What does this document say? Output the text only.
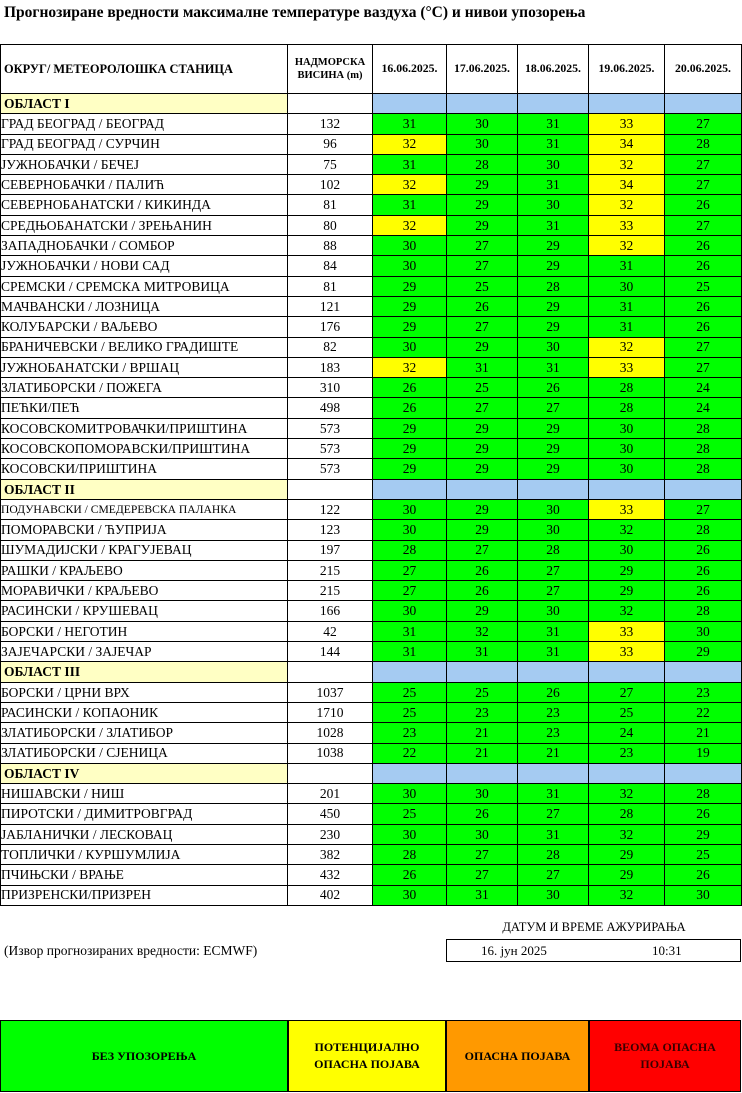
Прогнозиране вредности максималне температуре ваздуха (°C) и нивои упозорења
ОКРУГ/ МЕТЕОРОЛОШКА СТАНИЦА	НАДМОРСКА
ВИСИНА (m)	16.06.2025.	17.06.2025.	18.06.2025.	19.06.2025.	20.06.2025.
ОБЛАСТ I						
ГРАД БЕОГРАД / БЕОГРАД	132	31	30	31	33	27
ГРАД БЕОГРАД / СУРЧИН	96	32	30	31	34	28
ЈУЖНОБАЧКИ / БЕЧЕЈ	75	31	28	30	32	27
СЕВЕРНОБАЧКИ / ПАЛИЋ	102	32	29	31	34	27
СЕВЕРНОБАНАТСКИ / КИКИНДА	81	31	29	30	32	26
СРЕДЊОБАНАТСКИ / ЗРЕЊАНИН	80	32	29	31	33	27
ЗАПАДНОБАЧКИ / СОМБОР	88	30	27	29	32	26
ЈУЖНОБАЧКИ / НОВИ САД	84	30	27	29	31	26
СРЕМСКИ / СРЕМСКА МИТРОВИЦА	81	29	25	28	30	25
МАЧВАНСКИ / ЛОЗНИЦА	121	29	26	29	31	26
КОЛУБАРСКИ / ВАЉЕВО	176	29	27	29	31	26
БРАНИЧЕВСКИ / ВЕЛИКО ГРАДИШТЕ	82	30	29	30	32	27
ЈУЖНОБАНАТСКИ / ВРШАЦ	183	32	31	31	33	27
ЗЛАТИБОРСКИ / ПОЖЕГА	310	26	25	26	28	24
ПЕЋКИ/ПЕЋ	498	26	27	27	28	24
КОСОВСКОМИТРОВАЧКИ/ПРИШТИНА	573	29	29	29	30	28
КОСОВСКОПОМОРАВСКИ/ПРИШТИНА	573	29	29	29	30	28
КОСОВСКИ/ПРИШТИНА	573	29	29	29	30	28
ОБЛАСТ II						
ПОДУНАВСКИ / СМЕДЕРЕВСКА ПАЛАНКА	122	30	29	30	33	27
ПОМОРАВСКИ / ЋУПРИЈА	123	30	29	30	32	28
ШУМАДИЈСКИ / КРАГУЈЕВАЦ	197	28	27	28	30	26
РАШКИ / КРАЉЕВО	215	27	26	27	29	26
МОРАВИЧКИ / КРАЉЕВО	215	27	26	27	29	26
РАСИНСКИ / КРУШЕВАЦ	166	30	29	30	32	28
БОРСКИ / НЕГОТИН	42	31	32	31	33	30
ЗАЈЕЧАРСКИ / ЗАЈЕЧАР	144	31	31	31	33	29
ОБЛАСТ III						
БОРСКИ / ЦРНИ ВРХ	1037	25	25	26	27	23
РАСИНСКИ / КОПАОНИК	1710	25	23	23	25	22
ЗЛАТИБОРСКИ / ЗЛАТИБОР	1028	23	21	23	24	21
ЗЛАТИБОРСКИ / СЈЕНИЦА	1038	22	21	21	23	19
ОБЛАСТ IV						
НИШАВСКИ / НИШ	201	30	30	31	32	28
ПИРОТСКИ / ДИМИТРОВГРАД	450	25	26	27	28	26
ЈАБЛАНИЧКИ / ЛЕСКОВАЦ	230	30	30	31	32	29
ТОПЛИЧКИ / КУРШУМЛИЈА	382	28	27	28	29	25
ПЧИЊСКИ / ВРАЊЕ	432	26	27	27	29	26
ПРИЗРЕНСКИ/ПРИЗРЕН	402	30	31	30	32	30
ДАТУМ И ВРЕМЕ АЖУРИРАЊА
(Извор прогнозираних вредности: ECMWF)	16. јун 2025	10:31
БЕЗ УПОЗОРЕЊА
ПОТЕНЦИЈАЛНО
ОПАСНА ПОЈАВА
ОПАСНА ПОЈАВА
ВЕОМА ОПАСНА
ПОЈАВА
